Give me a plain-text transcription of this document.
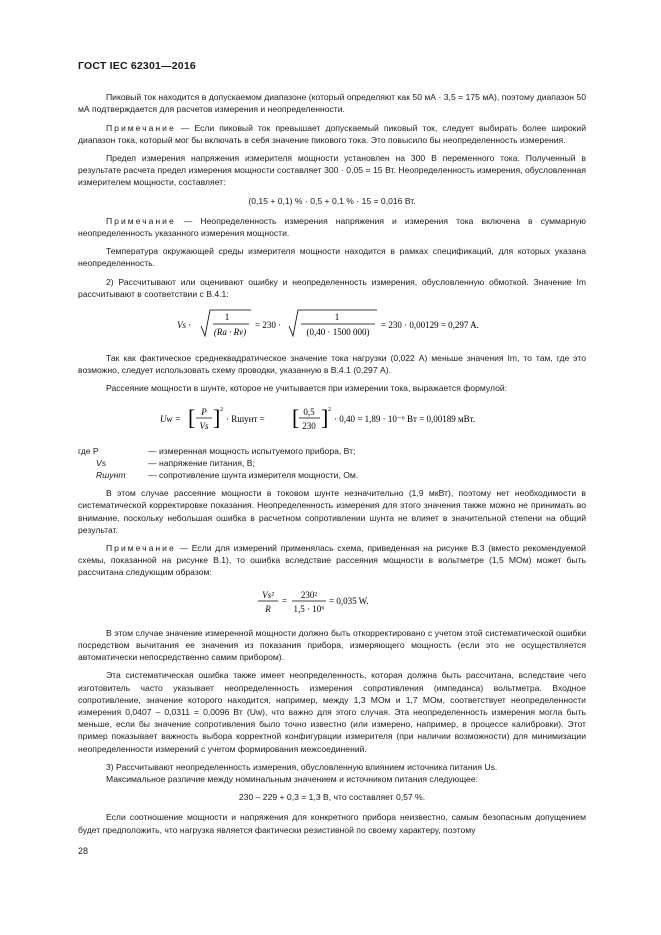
ГОСТ IEC 62301—2016

Пиковый ток находится в допускаемом диапазоне (который определяют как 50 мА · 3,5 = 175 мА), поэтому диапазон 50 мА подтверждается для расчетов измерения и неопределенности.

Примечание — Если пиковый ток превышает допускаемый пиковый ток, следует выбирать более широкий диапазон тока, который мог бы включать в себя значение пикового тока. Это повысило бы неопределенность измерения.

Предел измерения напряжения измерителя мощности установлен на 300 В переменного тока. Полученный в результате расчета предел измерения мощности составляет 300 · 0,05 = 15 Вт. Неопределенность измерения, обусловленная измерителем мощности, составляет:

(0,15 + 0,1) % · 0,5 + 0,1 % · 15 = 0,016 Вт.

Примечание — Неопределенность измерения напряжения и измерения тока включена в суммарную неопределенность указанного измерения мощности.

Температура окружающей среды измерителя мощности находится в рамках спецификаций, для которых указана неопределенность.

2) Рассчитывают или оценивают ошибку и неопределенность измерения, обусловленную обмоткой. Значение Im рассчитывают в соответствии с В.4.1:

Vs ·
1
(Ra · Rv)
= 230 ·
1
(0,40 · 1500 000)
= 230 · 0,00129 = 0,297 A.

Так как фактическое среднеквадратическое значение тока нагрузки (0,022 А) меньше значения Im, то там, где это возможно, следует использовать схему проводки, указанную в В.4.1 (0,297 А).

Рассеяние мощности в шунте, которое не учитывается при измерении тока, выражается формулой:

Uw = [ P
Vs ] 2
· Rшунт = [ 0,5
230 ] 2
· 0,40 = 1,89 · 10⁻⁶ Вт = 0,00189 мВт.
где P	— измеренная мощность испытуемого прибора, Вт;
Vs	— напряжение питания, В;
Rшунт	— сопротивление шунта измерителя мощности, Ом.

В этом случае рассеяние мощности в токовом шунте незначительно (1,9 мкВт), поэтому нет необходимости в систематической корректировке показания. Неопределенность измерения для этого значения также можно не принимать во внимание, поскольку небольшая ошибка в расчетном сопротивлении шунта не влияет в значительной степени на общий результат.

Примечание — Если для измерений применялась схема, приведенная на рисунке В.3 (вместо рекомендуемой схемы, показанной на рисунке В.1), то ошибка вследствие рассеяния мощности в вольтметре (1,5 МОм) может быть рассчитана следующим образом:

Vs²
R
=
230²
1,5 · 10⁶
= 0,035 W.

В этом случае значение измеренной мощности должно быть откорректировано с учетом этой систематической ошибки посредством вычитания ее значения из показания прибора, измеряющего мощность (если это не осуществляется автоматически непосредственно самим прибором).

Эта систематическая ошибка также имеет неопределенность, которая должна быть рассчитана, вследствие чего изготовитель часто указывает неопределенность измерения сопротивления (импеданса) вольтметра. Входное сопротивление, значение которого находится, например, между 1,3 МОм и 1,7 МОм, соответствует неопределенности измерения 0,0407 – 0,0311 = 0,0096 Вт (Uw), что важно для этого случая. Эта неопределенность измерения могла быть меньше, если бы значение сопротивления было точно известно (или измерено, например, в процессе калибровки). Этот пример показывает важность выбора корректной конфигурации измерителя (при наличии возможности) для минимизации неопределенности измерений с учетом формирования межсоединений.

3) Рассчитывают неопределенность измерения, обусловленную влиянием источника питания Us.

Максимальное различие между номинальным значением и источником питания следующее:

230 – 229 + 0,3 = 1,3 В, что составляет 0,57 %.

Если соотношение мощности и напряжения для конкретного прибора неизвестно, самым безопасным допущением будет предположить, что нагрузка является фактически резистивной по своему характеру, поэтому

28
